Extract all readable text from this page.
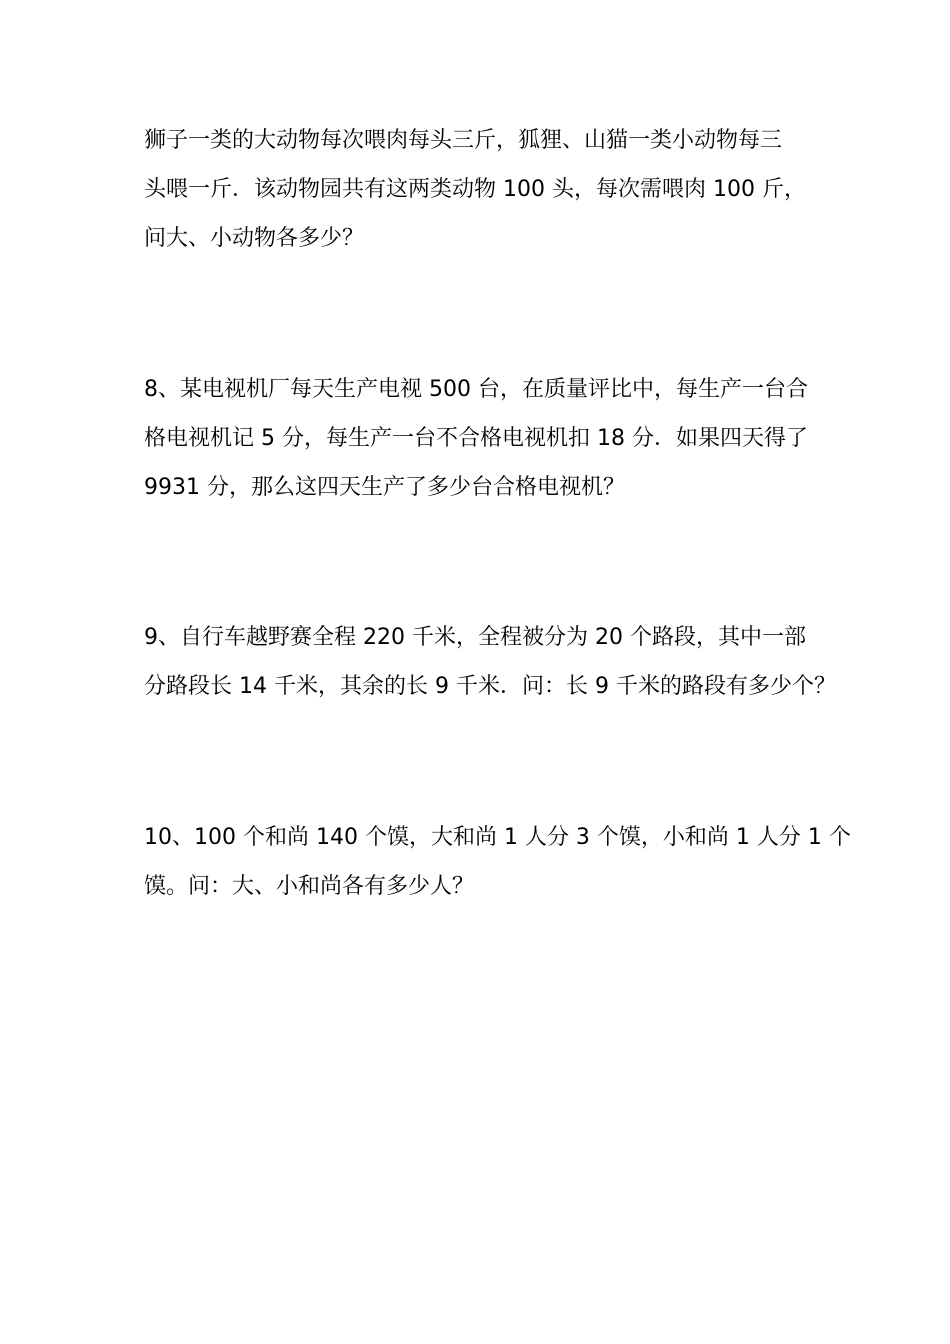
狮子一类的大动物每次喂肉每头三斤，狐狸、山猫一类小动物每三
头喂一斤．该动物园共有这两类动物 100 头，每次需喂肉 100 斤，
问大、小动物各多少？
8、某电视机厂每天生产电视 500 台，在质量评比中，每生产一台合
格电视机记 5 分，每生产一台不合格电视机扣 18 分．如果四天得了
9931 分，那么这四天生产了多少台合格电视机？
9、自行车越野赛全程 220 千米，全程被分为 20 个路段，其中一部
分路段长 14 千米，其余的长 9 千米．问：长 9 千米的路段有多少个？
10、100 个和尚 140 个馍，大和尚 1 人分 3 个馍，小和尚 1 人分 1 个
馍。问：大、小和尚各有多少人？
